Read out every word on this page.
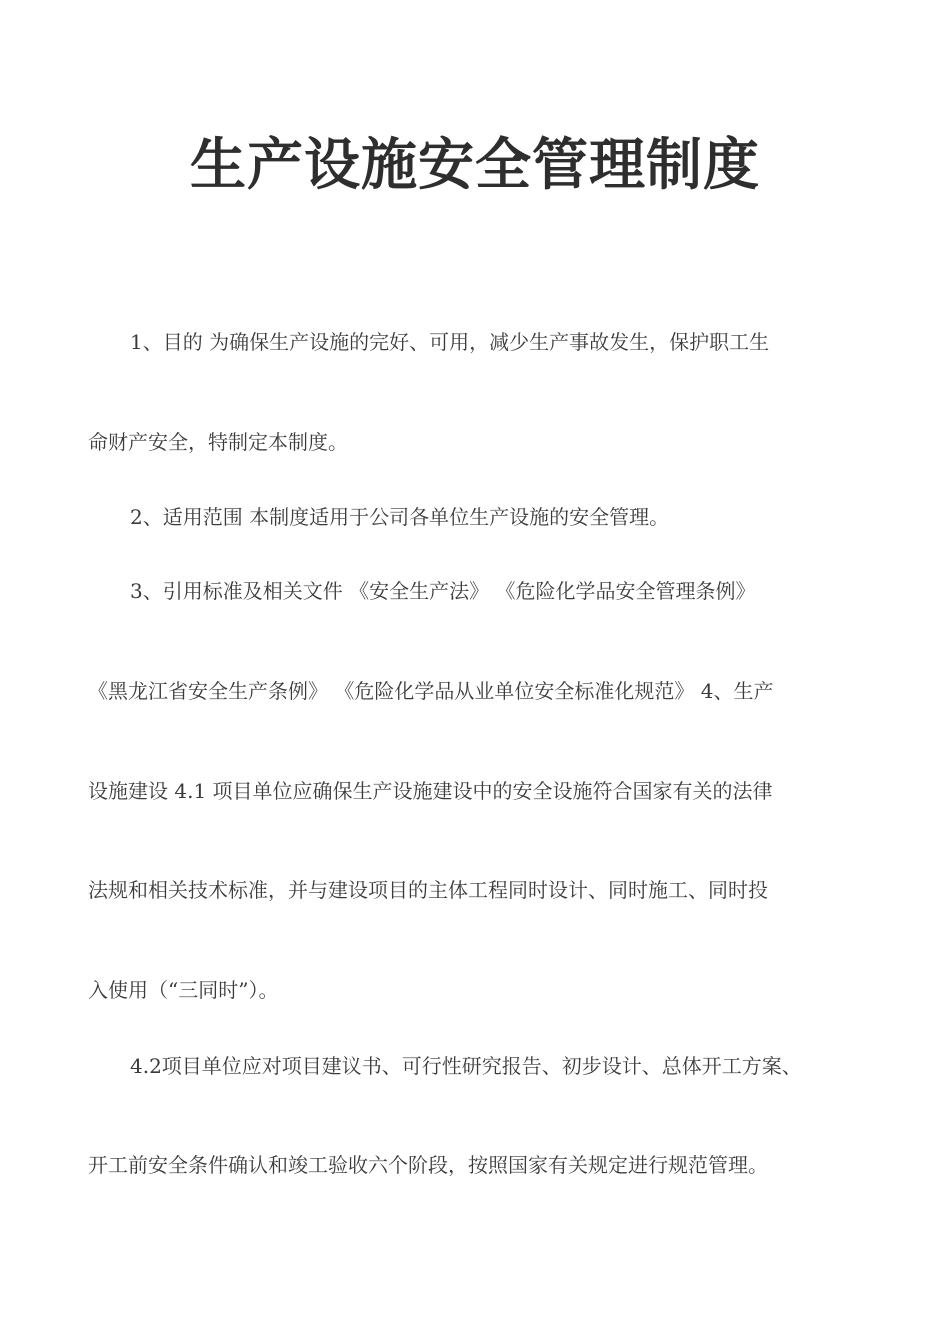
生产设施安全管理制度
1、目的 为确保生产设施的完好、可用，减少生产事故发生，保护职工生
命财产安全，特制定本制度。
2、适用范围 本制度适用于公司各单位生产设施的安全管理。
3、引用标准及相关文件 《安全生产法》 《危险化学品安全管理条例》
《黑龙江省安全生产条例》 《危险化学品从业单位安全标准化规范》 4、生产
设施建设 4.1 项目单位应确保生产设施建设中的安全设施符合国家有关的法律
法规和相关技术标准，并与建设项目的主体工程同时设计、同时施工、同时投
入使用（“三同时”）。
4.2项目单位应对项目建议书、可行性研究报告、初步设计、总体开工方案、
开工前安全条件确认和竣工验收六个阶段，按照国家有关规定进行规范管理。
